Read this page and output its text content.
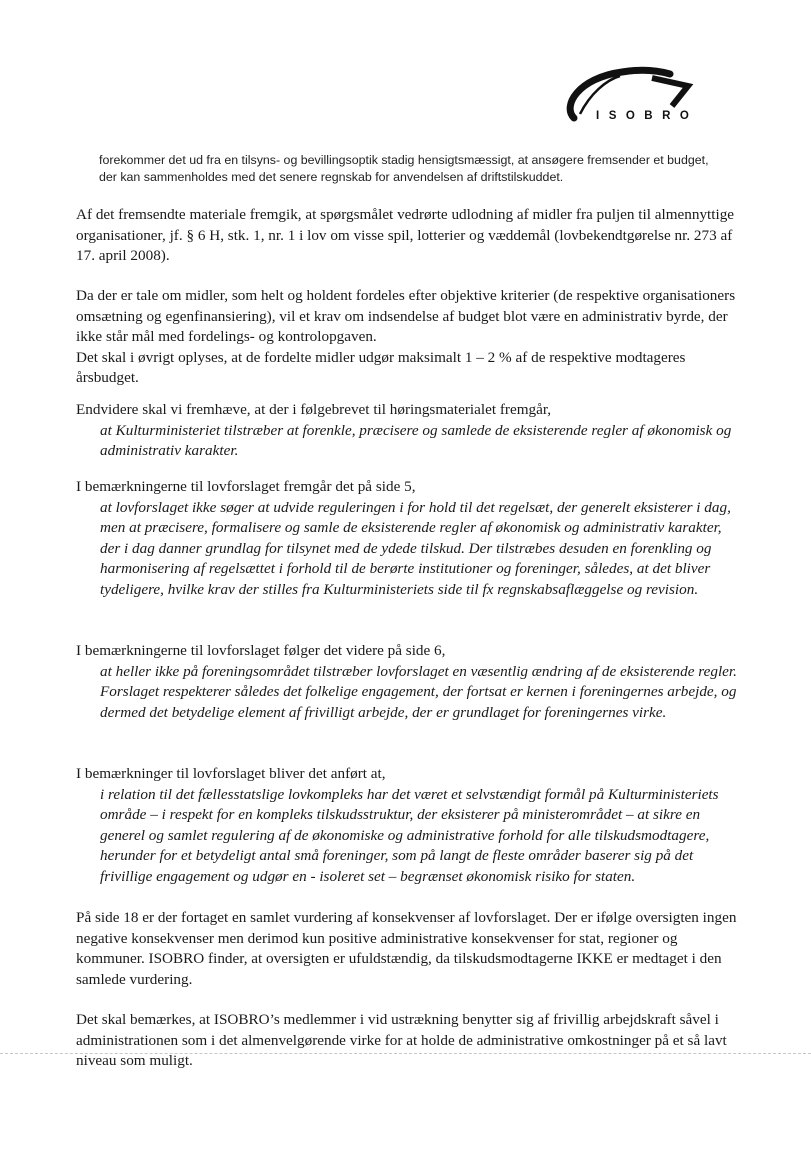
ISOBRO
forekommer det ud fra en tilsyns- og bevillingsoptik stadig hensigtsmæssigt, at ansøgere fremsender et budget, der kan sammenholdes med det senere regnskab for anvendelsen af driftstilskuddet.

Af det fremsendte materiale fremgik, at spørgsmålet vedrørte udlodning af midler fra puljen til almennyttige organisationer, jf. § 6 H, stk. 1, nr. 1 i lov om visse spil, lotterier og væddemål (lovbekendtgørelse nr. 273 af 17. april 2008).

Da der er tale om midler, som helt og holdent fordeles efter objektive kriterier (de respektive organisationers omsætning og egenfinansiering), vil et krav om indsendelse af budget blot være en administrativ byrde, der ikke står mål med fordelings- og kontrolopgaven.
Det skal i øvrigt oplyses, at de fordelte midler udgør maksimalt 1 – 2 % af de respektive modtageres årsbudget.
Endvidere skal vi fremhæve, at der i følgebrevet til høringsmaterialet fremgår,
at Kulturministeriet tilstræber at forenkle, præcisere og samlede de eksisterende regler af økonomisk og administrativ karakter.
I bemærkningerne til lovforslaget fremgår det på side 5,
at lovforslaget ikke søger at udvide reguleringen i for hold til det regelsæt, der generelt eksisterer i dag, men at præcisere, formalisere og samle de eksisterende regler af økonomisk og administrativ karakter, der i dag danner grundlag for tilsynet med de ydede tilskud. Der tilstræbes desuden en forenkling og harmonisering af regelsættet i forhold til de berørte institutioner og foreninger, således, at det bliver tydeligere, hvilke krav der stilles fra Kulturministeriets side til fx regnskabsaflæggelse og revision.
I bemærkningerne til lovforslaget følger det videre på side 6,
at heller ikke på foreningsområdet tilstræber lovforslaget en væsentlig ændring af de eksisterende regler. Forslaget respekterer således det folkelige engagement, der fortsat er kernen i foreningernes arbejde, og dermed det betydelige element af frivilligt arbejde, der er grundlaget for foreningernes virke.
I bemærkninger til lovforslaget bliver det anført at,
i relation til det fællesstatslige lovkompleks har det været et selvstændigt formål på Kulturministeriets område – i respekt for en kompleks tilskudsstruktur, der eksisterer på ministerområdet – at sikre en generel og samlet regulering af de økonomiske og administrative forhold for alle tilskudsmodtagere, herunder for et betydeligt antal små foreninger, som på langt de fleste områder baserer sig på det frivillige engagement og udgør en - isoleret set – begrænset økonomisk risiko for staten.

På side 18 er der fortaget en samlet vurdering af konsekvenser af lovforslaget. Der er ifølge oversigten ingen negative konsekvenser men derimod kun positive administrative konsekvenser for stat, regioner og kommuner. ISOBRO finder, at oversigten er ufuldstændig, da tilskudsmodtagerne IKKE er medtaget i den samlede vurdering.

Det skal bemærkes, at ISOBRO’s medlemmer i vid ustrækning benytter sig af frivillig arbejdskraft såvel i administrationen som i det almenvelgørende virke for at holde de administrative omkostninger på et så lavt niveau som muligt.
